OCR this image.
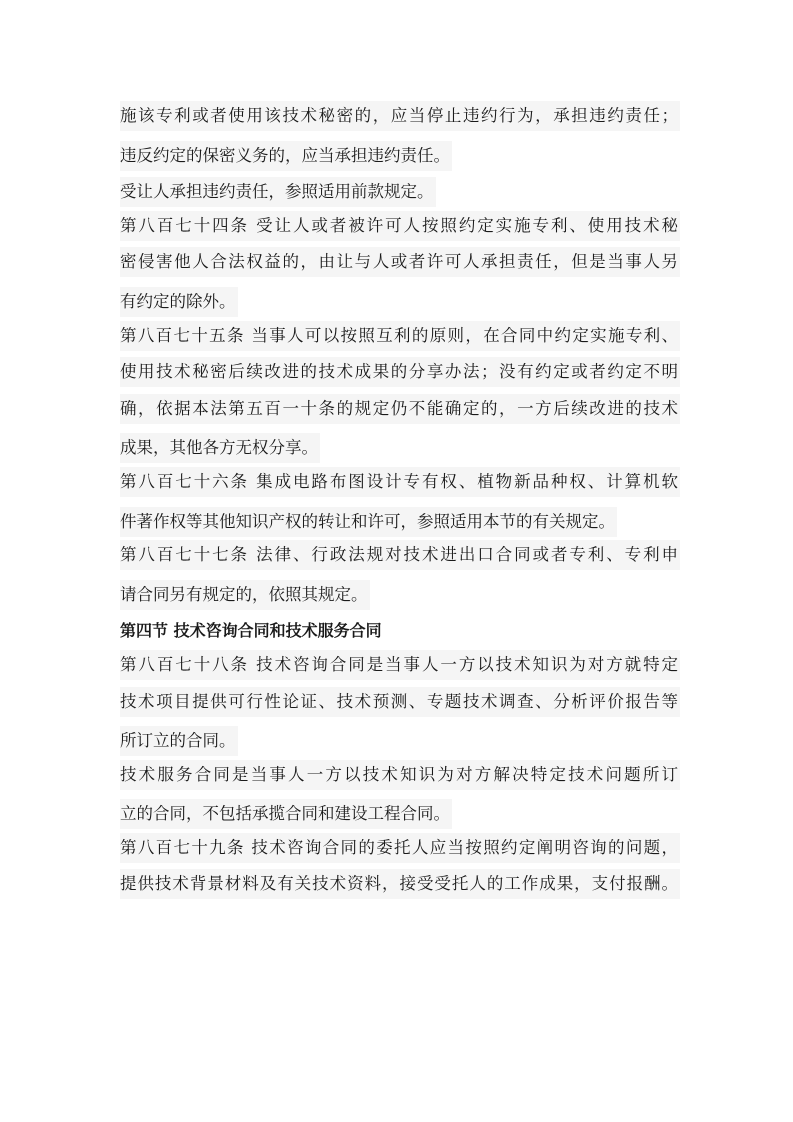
施该专利或者使用该技术秘密的，应当停止违约行为，承担违约责任；
违反约定的保密义务的，应当承担违约责任。
受让人承担违约责任，参照适用前款规定。
第八百七十四条 受让人或者被许可人按照约定实施专利、使用技术秘
密侵害他人合法权益的，由让与人或者许可人承担责任，但是当事人另
有约定的除外。
第八百七十五条 当事人可以按照互利的原则，在合同中约定实施专利、
使用技术秘密后续改进的技术成果的分享办法；没有约定或者约定不明
确，依据本法第五百一十条的规定仍不能确定的，一方后续改进的技术
成果，其他各方无权分享。
第八百七十六条 集成电路布图设计专有权、植物新品种权、计算机软
件著作权等其他知识产权的转让和许可，参照适用本节的有关规定。
第八百七十七条 法律、行政法规对技术进出口合同或者专利、专利申
请合同另有规定的，依照其规定。
第四节 技术咨询合同和技术服务合同
第八百七十八条 技术咨询合同是当事人一方以技术知识为对方就特定
技术项目提供可行性论证、技术预测、专题技术调查、分析评价报告等
所订立的合同。
技术服务合同是当事人一方以技术知识为对方解决特定技术问题所订
立的合同，不包括承揽合同和建设工程合同。
第八百七十九条 技术咨询合同的委托人应当按照约定阐明咨询的问题，
提供技术背景材料及有关技术资料，接受受托人的工作成果，支付报酬。
